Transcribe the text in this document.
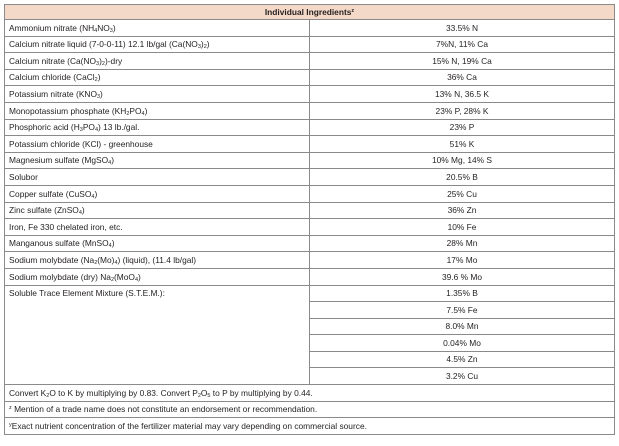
Individual Ingredients$^z$
Ammonium nitrate $(NH_4NO_3)$	33.5% N
Calcium nitrate liquid (7-0-0-11) 12.1 lb/gal $(Ca(NO_3)_2)$	7%N, 11% Ca
Calcium nitrate $(Ca(NO_3)_2)$-dry	15% N, 19% Ca
Calcium chloride (CaCl$_2$)	36% Ca
Potassium nitrate $(KNO_3)$	13% N, 36.5 K
Monopotassium phosphate $(KH_2PO_4)$	23% P, 28% K
Phosphoric acid $(H_3PO_4)$ 13 lb./gal.	23% P
Potassium chloride (KCl) - greenhouse	51% K
Magnesium sulfate (MgSO$_4$)	10% Mg, 14% S
Solubor	20.5% B
Copper sulfate (CuSO$_4$)	25% Cu
Zinc sulfate (ZnSO$_4$)	36% Zn
Iron, Fe 330 chelated iron, etc.	10% Fe
Manganous sulfate (MnSO$_4$)	28% Mn
Sodium molybdate $(Na_2(Mo)_4)$ (liquid), (11.4 lb/gal)	17% Mo
Sodium molybdate (dry) $Na_2(MoO_4)$	39.6 % Mo
Soluble Trace Element Mixture (S.T.E.M.):	1.35% B
	7.5% Fe
	8.0% Mn
	0.04% Mo
	4.5% Zn
	3.2% Cu
Convert $K_2O$ to K by multiplying by 0.83. Convert $P_2O_5$ to P by multiplying by 0.44.	
$^z$ Mention of a trade name does not constitute an endorsement or recommendation.	
$^y$Exact nutrient concentration of the fertilizer material may vary depending on commercial source.	
